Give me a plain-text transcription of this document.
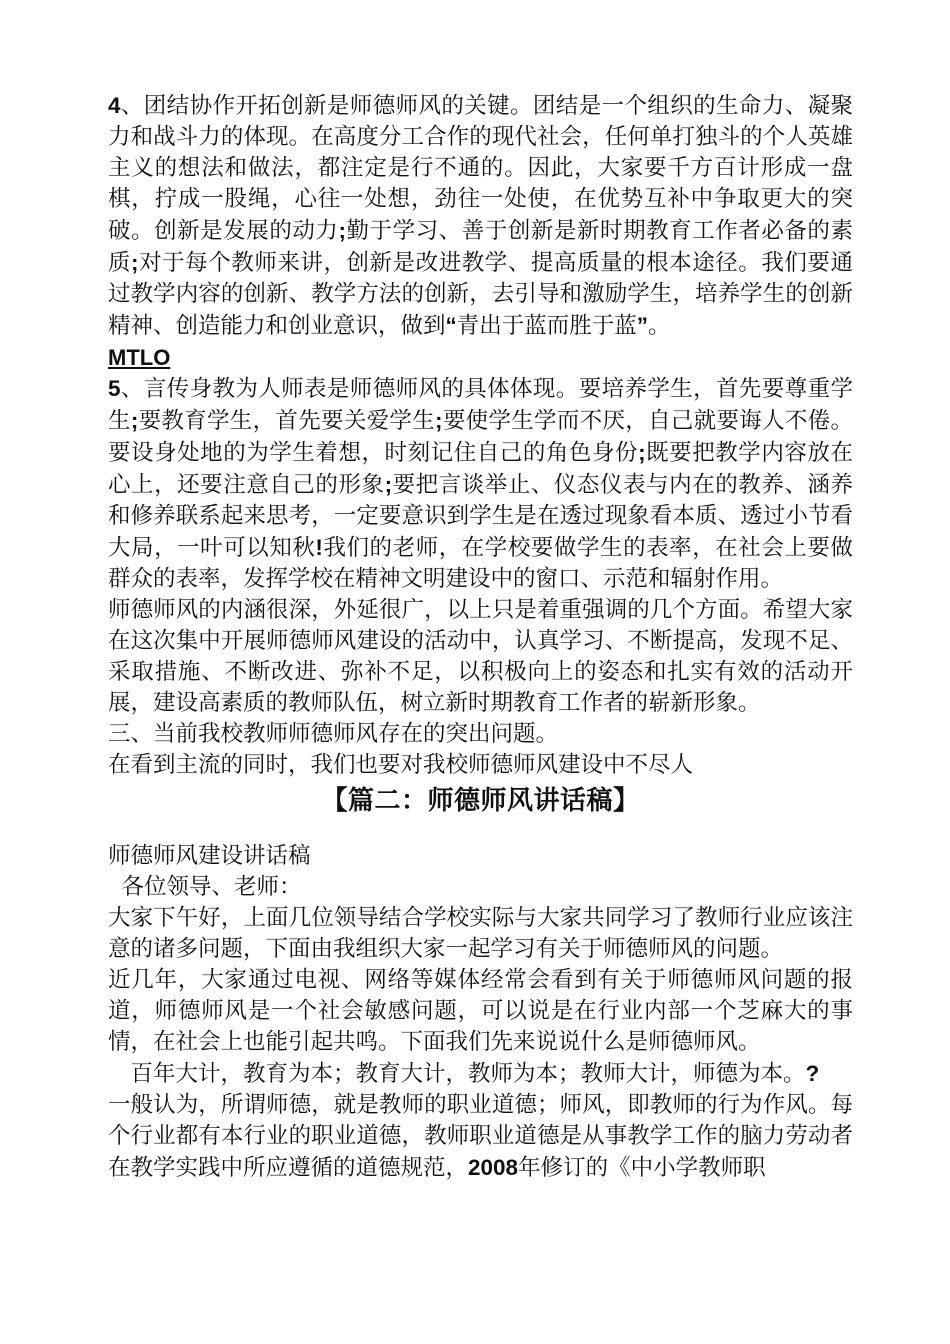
4、团结协作开拓创新是师德师风的关键。团结是一个组织的生命力、凝聚力和战斗力的体现。在高度分工合作的现代社会，任何单打独斗的个人英雄主义的想法和做法，都注定是行不通的。因此，大家要千方百计形成一盘棋，拧成一股绳，心往一处想，劲往一处使，在优势互补中争取更大的突破。创新是发展的动力;勤于学习、善于创新是新时期教育工作者必备的素质;对于每个教师来讲，创新是改进教学、提高质量的根本途径。我们要通过教学内容的创新、教学方法的创新，去引导和激励学生，培养学生的创新精神、创造能力和创业意识，做到“青出于蓝而胜于蓝”。

MTLO

5、言传身教为人师表是师德师风的具体体现。要培养学生，首先要尊重学生;要教育学生，首先要关爱学生;要使学生学而不厌，自己就要诲人不倦。要设身处地的为学生着想，时刻记住自己的角色身份;既要把教学内容放在心上，还要注意自己的形象;要把言谈举止、仪态仪表与内在的教养、涵养和修养联系起来思考，一定要意识到学生是在透过现象看本质、透过小节看大局，一叶可以知秋!我们的老师，在学校要做学生的表率，在社会上要做群众的表率，发挥学校在精神文明建设中的窗口、示范和辐射作用。

师德师风的内涵很深，外延很广，以上只是着重强调的几个方面。希望大家在这次集中开展师德师风建设的活动中，认真学习、不断提高，发现不足、采取措施、不断改进、弥补不足，以积极向上的姿态和扎实有效的活动开展，建设高素质的教师队伍，树立新时期教育工作者的崭新形象。

三、当前我校教师师德师风存在的突出问题。

在看到主流的同时，我们也要对我校师德师风建设中不尽人

【篇二：师德师风讲话稿】

师德师风建设讲话稿

各位领导、老师：

大家下午好，上面几位领导结合学校实际与大家共同学习了教师行业应该注意的诸多问题，下面由我组织大家一起学习有关于师德师风的问题。

近几年，大家通过电视、网络等媒体经常会看到有关于师德师风问题的报道，师德师风是一个社会敏感问题，可以说是在行业内部一个芝麻大的事情，在社会上也能引起共鸣。下面我们先来说说什么是师德师风。

百年大计，教育为本；教育大计，教师为本；教师大计，师德为本。?

一般认为，所谓师德，就是教师的职业道德；师风，即教师的行为作风。每个行业都有本行业的职业道德，教师职业道德是从事教学工作的脑力劳动者在教学实践中所应遵循的道德规范，2008年修订的《中小学教师职
